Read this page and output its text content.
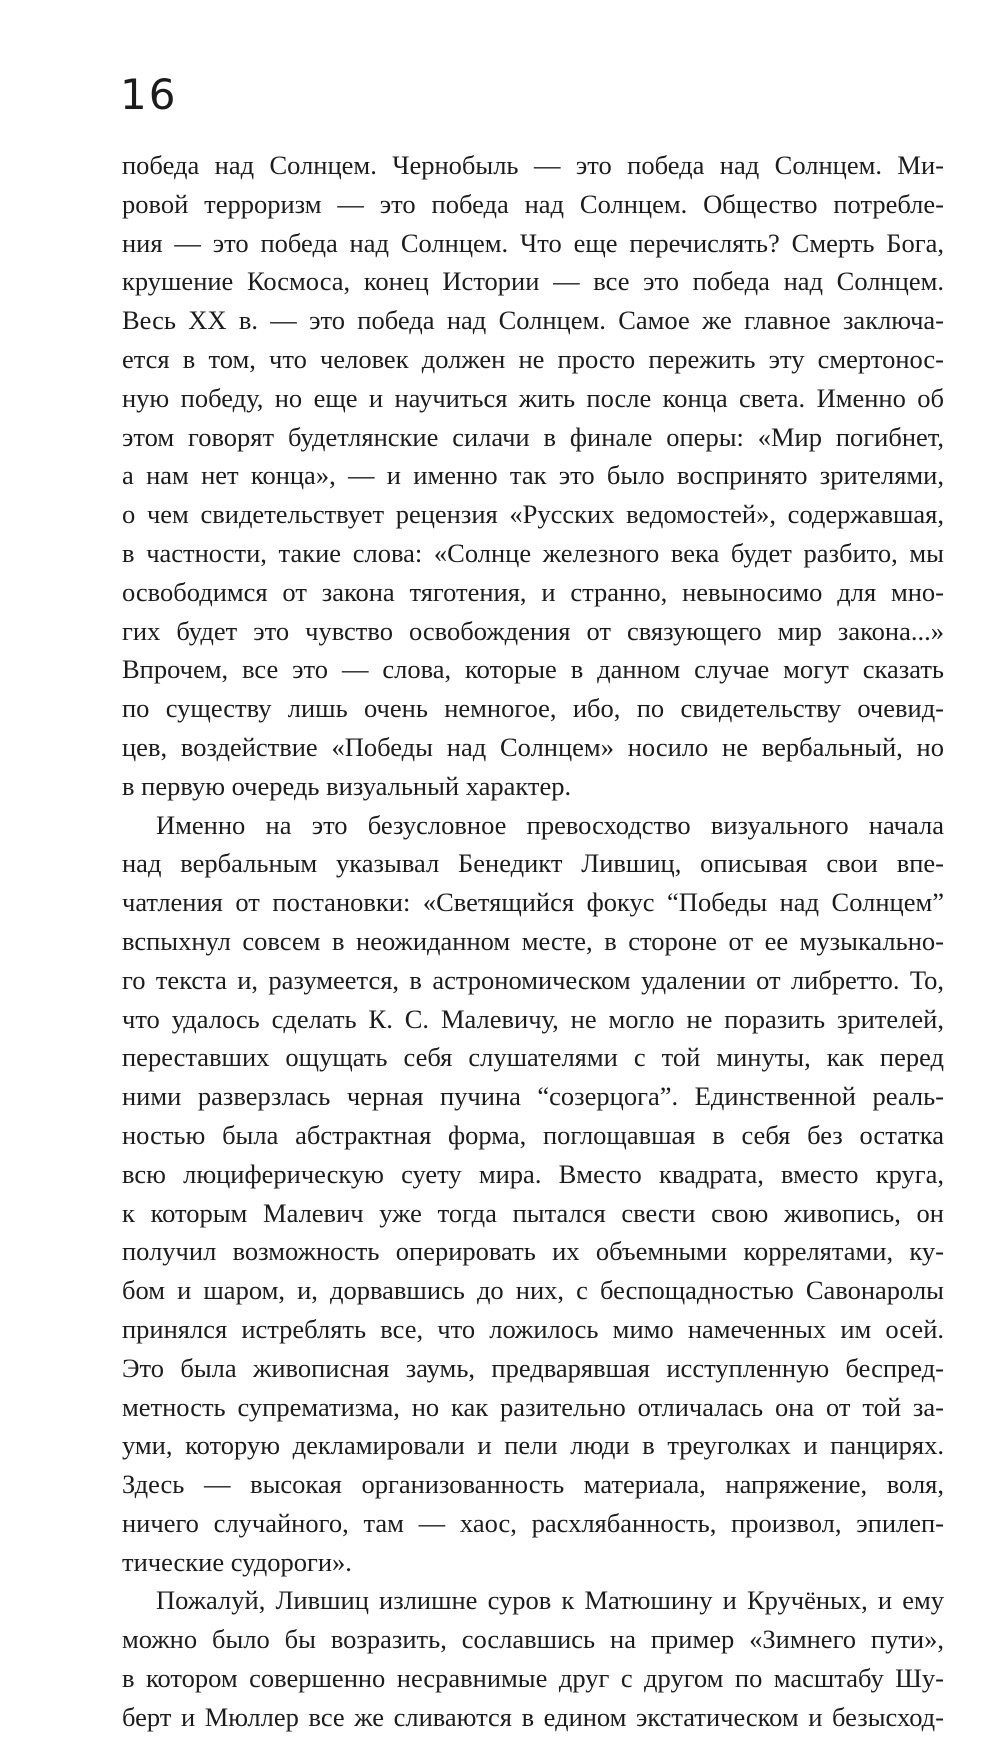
16
победа над Солнцем. Чернобыль — это победа над Солнцем. Ми-
ровой терроризм — это победа над Солнцем. Общество потребле-
ния — это победа над Солнцем. Что еще перечислять? Смерть Бога,
крушение Космоса, конец Истории — все это победа над Солнцем.
Весь XX в. — это победа над Солнцем. Самое же главное заключа-
ется в том, что человек должен не просто пережить эту смертонос-
ную победу, но еще и научиться жить после конца света. Именно об
этом говорят будетлянские силачи в финале оперы: «Мир погибнет,
а нам нет конца», — и именно так это было воспринято зрителями,
о чем свидетельствует рецензия «Русских ведомостей», содержавшая,
в частности, такие слова: «Солнце железного века будет разбито, мы
освободимся от закона тяготения, и странно, невыносимо для мно-
гих будет это чувство освобождения от связующего мир закона...»
Впрочем, все это — слова, которые в данном случае могут сказать
по существу лишь очень немногое, ибо, по свидетельству очевид-
цев, воздействие «Победы над Солнцем» носило не вербальный, но
в первую очередь визуальный характер.
Именно на это безусловное превосходство визуального начала
над вербальным указывал Бенедикт Лившиц, описывая свои впе-
чатления от постановки: «Светящийся фокус “Победы над Солнцем”
вспыхнул совсем в неожиданном месте, в стороне от ее музыкально-
го текста и, разумеется, в астрономическом удалении от либретто. То,
что удалось сделать К. С. Малевичу, не могло не поразить зрителей,
переставших ощущать себя слушателями с той минуты, как перед
ними разверзлась черная пучина “созерцога”. Единственной реаль-
ностью была абстрактная форма, поглощавшая в себя без остатка
всю люциферическую суету мира. Вместо квадрата, вместо круга,
к которым Малевич уже тогда пытался свести свою живопись, он
получил возможность оперировать их объемными коррелятами, ку-
бом и шаром, и, дорвавшись до них, с беспощадностью Савонаролы
принялся истреблять все, что ложилось мимо намеченных им осей.
Это была живописная заумь, предварявшая исступленную беспред-
метность супрематизма, но как разительно отличалась она от той за-
уми, которую декламировали и пели люди в треуголках и панцирях.
Здесь — высокая организованность материала, напряжение, воля,
ничего случайного, там — хаос, расхлябанность, произвол, эпилеп-
тические судороги».
Пожалуй, Лившиц излишне суров к Матюшину и Кручёных, и ему
можно было бы возразить, сославшись на пример «Зимнего пути»,
в котором совершенно несравнимые друг с другом по масштабу Шу-
берт и Мюллер все же сливаются в едином экстатическом и безысход-
